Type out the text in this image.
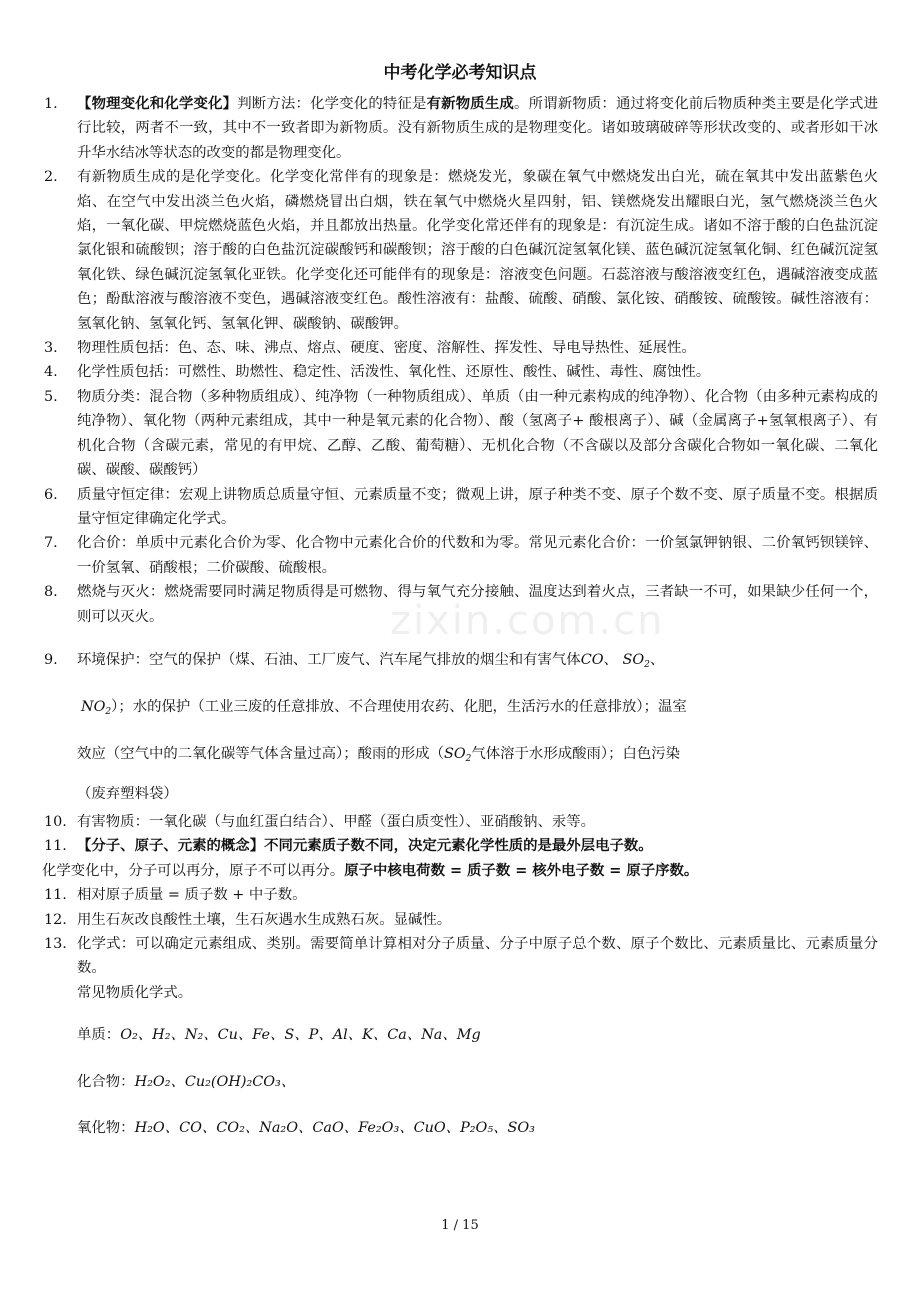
中考化学必考知识点
zixin.com.cn
1.	【物理变化和化学变化】判断方法：化学变化的特征是有新物质生成。所谓新物质：通过将变化前后物质种类主要是化学式进行比较，两者不一致，其中不一致者即为新物质。没有新物质生成的是物理变化。诸如玻璃破碎等形状改变的、或者形如干冰升华水结冰等状态的改变的都是物理变化。
2.	有新物质生成的是化学变化。化学变化常伴有的现象是：燃烧发光，象碳在氧气中燃烧发出白光，硫在氧其中发出蓝紫色火焰、在空气中发出淡兰色火焰，磷燃烧冒出白烟，铁在氧气中燃烧火星四射，铝、镁燃烧发出耀眼白光，氢气燃烧淡兰色火焰，一氧化碳、甲烷燃烧蓝色火焰，并且都放出热量。化学变化常还伴有的现象是：有沉淀生成。诸如不溶于酸的白色盐沉淀氯化银和硫酸钡；溶于酸的白色盐沉淀碳酸钙和碳酸钡；溶于酸的白色碱沉淀氢氧化镁、蓝色碱沉淀氢氧化铜、红色碱沉淀氢氧化铁、绿色碱沉淀氢氧化亚铁。化学变化还可能伴有的现象是：溶液变色问题。石蕊溶液与酸溶液变红色，遇碱溶液变成蓝色；酚酞溶液与酸溶液不变色，遇碱溶液变红色。酸性溶液有：盐酸、硫酸、硝酸、氯化铵、硝酸铵、硫酸铵。碱性溶液有：氢氧化钠、氢氧化钙、氢氧化钾、碳酸钠、碳酸钾。
3.	物理性质包括：色、态、味、沸点、熔点、硬度、密度、溶解性、挥发性、导电导热性、延展性。
4.	化学性质包括：可燃性、助燃性、稳定性、活泼性、氧化性、还原性、酸性、碱性、毒性、腐蚀性。
5.	物质分类：混合物（多种物质组成）、纯净物（一种物质组成）、单质（由一种元素构成的纯净物）、化合物（由多种元素构成的纯净物）、氧化物（两种元素组成，其中一种是氧元素的化合物）、酸（氢离子+ 酸根离子）、碱（金属离子+氢氧根离子）、有机化合物（含碳元素，常见的有甲烷、乙醇、乙酸、葡萄糖）、无机化合物（不含碳以及部分含碳化合物如一氧化碳、二氧化碳、碳酸、碳酸钙）
6.	质量守恒定律：宏观上讲物质总质量守恒、元素质量不变；微观上讲，原子种类不变、原子个数不变、原子质量不变。根据质量守恒定律确定化学式。
7.	化合价：单质中元素化合价为零、化合物中元素化合价的代数和为零。常见元素化合价：一价氢氯钾钠银、二价氧钙钡镁锌、一价氢氧、硝酸根；二价碳酸、硫酸根。
8.	燃烧与灭火：燃烧需要同时满足物质得是可燃物、得与氧气充分接触、温度达到着火点，三者缺一不可，如果缺少任何一个，则可以灭火。
9.	环境保护：空气的保护（煤、石油、工厂废气、汽车尾气排放的烟尘和有害气体CO、 $SO_2$、
$NO_2$）；水的保护（工业三废的任意排放、不合理使用农药、化肥，生活污水的任意排放）；温室
效应（空气中的二氧化碳等气体含量过高）；酸雨的形成（$SO_2$气体溶于水形成酸雨）；白色污染
（废弃塑料袋）
10. 有害物质：一氧化碳（与血红蛋白结合）、甲醛（蛋白质变性）、亚硝酸钠、汞等。
11. 【分子、原子、元素的概念】不同元素质子数不同，决定元素化学性质的是最外层电子数。
化学变化中，分子可以再分，原子不可以再分。原子中核电荷数 = 质子数 = 核外电子数 = 原子序数。
11. 相对原子质量 = 质子数 + 中子数。
12. 用生石灰改良酸性土壤，生石灰遇水生成熟石灰。显碱性。
13. 化学式：可以确定元素组成、类别。需要简单计算相对分子质量、分子中原子总个数、原子个数比、元素质量比、元素质量分数。
常见物质化学式。
单质：O₂、H₂、N₂、Cu、Fe、S、P、Al、K、Ca、Na、Mg
化合物：H₂O₂、Cu₂(OH)₂CO₃、
氧化物：H₂O、CO、CO₂、Na₂O、CaO、Fe₂O₃、CuO、P₂O₅、SO₃
1 / 15
